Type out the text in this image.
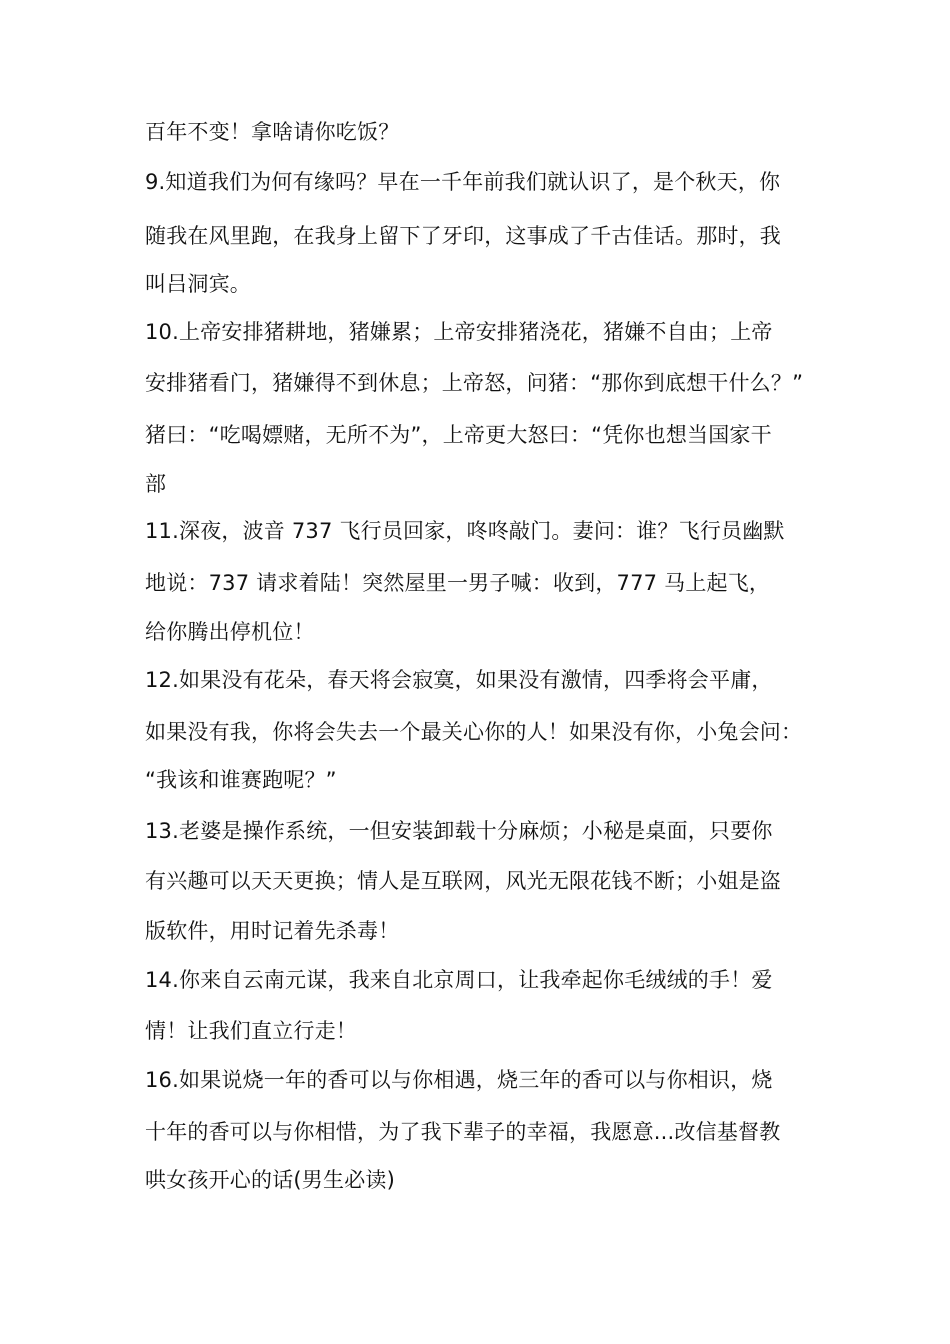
百年不变！拿啥请你吃饭？
9.知道我们为何有缘吗？早在一千年前我们就认识了，是个秋天，你
随我在风里跑，在我身上留下了牙印，这事成了千古佳话。那时，我
叫吕洞宾。
10.上帝安排猪耕地，猪嫌累；上帝安排猪浇花，猪嫌不自由；上帝
安排猪看门，猪嫌得不到休息；上帝怒，问猪：“那你到底想干什么？”
猪曰：“吃喝嫖赌，无所不为”，上帝更大怒曰：“凭你也想当国家干
部
11.深夜，波音 737 飞行员回家，咚咚敲门。妻问：谁？飞行员幽默
地说：737 请求着陆！突然屋里一男子喊：收到，777 马上起飞，
给你腾出停机位！
12.如果没有花朵，春天将会寂寞，如果没有激情，四季将会平庸，
如果没有我，你将会失去一个最关心你的人！如果没有你，小兔会问：
“我该和谁赛跑呢？”
13.老婆是操作系统，一但安装卸载十分麻烦；小秘是桌面，只要你
有兴趣可以天天更换；情人是互联网，风光无限花钱不断；小姐是盗
版软件，用时记着先杀毒！
14.你来自云南元谋，我来自北京周口，让我牵起你毛绒绒的手！爱
情！让我们直立行走！
16.如果说烧一年的香可以与你相遇，烧三年的香可以与你相识，烧
十年的香可以与你相惜，为了我下辈子的幸福，我愿意...改信基督教
哄女孩开心的话(男生必读)
